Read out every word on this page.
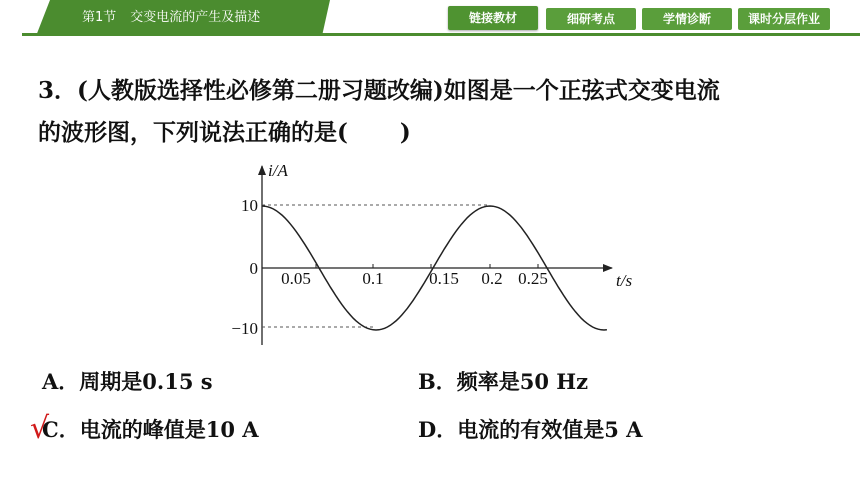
第1节 交变电流的产生及描述	链接教材	细研考点	学情诊断	课时分层作业
3．(人教版选择性必修第二册习题改编)如图是一个正弦式交变电流
的波形图，下列说法正确的是( )
i/A
t/s
10
0
−10
0.05	0.1	0.15 0.2 0.25
A．周期是0.15 s	B．频率是50 Hz
C．电流的峰值是10 A	D．电流的有效值是5 A
√
